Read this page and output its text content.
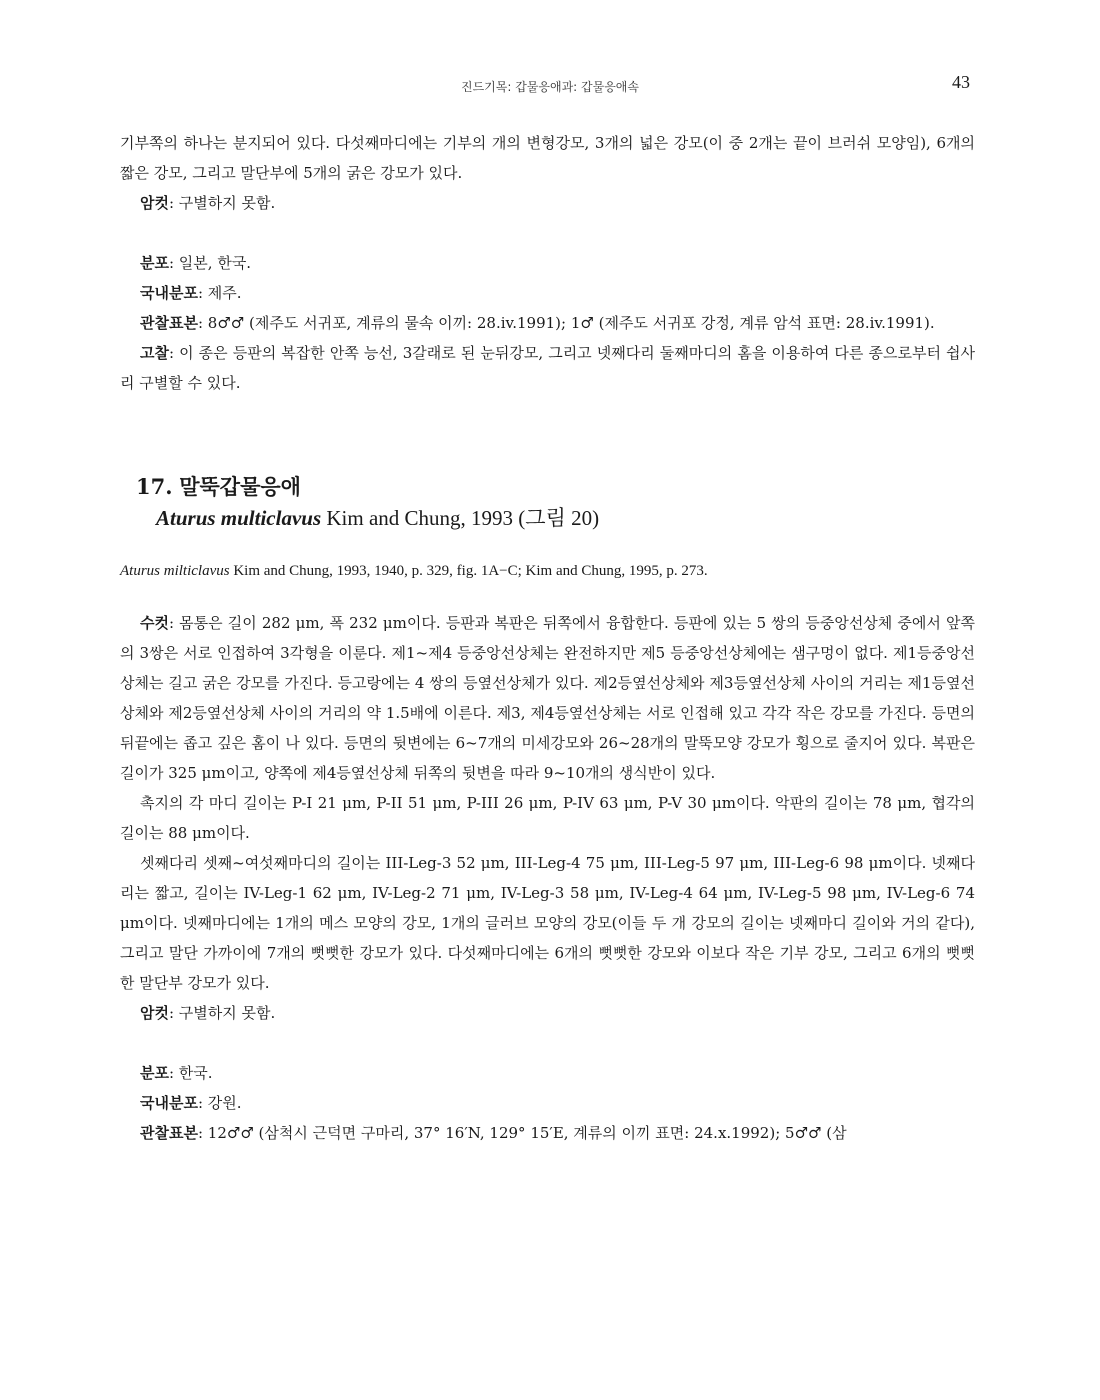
진드기목: 갑물응애과: 갑물응애속	43

기부쪽의 하나는 분지되어 있다. 다섯째마디에는 기부의 개의 변형강모, 3개의 넓은 강모(이 중 2개는 끝이 브러쉬 모양임), 6개의 짧은 강모, 그리고 말단부에 5개의 굵은 강모가 있다.

암컷: 구별하지 못함.

분포: 일본, 한국.

국내분포: 제주.

관찰표본: 8♂♂ (제주도 서귀포, 계류의 물속 이끼: 28.iv.1991); 1♂ (제주도 서귀포 강정, 계류 암석 표면: 28.iv.1991).

고찰: 이 종은 등판의 복잡한 안쪽 능선, 3갈래로 된 눈뒤강모, 그리고 넷째다리 둘째마디의 홈을 이용하여 다른 종으로부터 쉽사리 구별할 수 있다.

17. 말뚝갑물응애
Aturus multiclavus Kim and Chung, 1993 (그림 20)

Aturus milticlavus Kim and Chung, 1993, 1940, p. 329, fig. 1A−C; Kim and Chung, 1995, p. 273.

수컷: 몸통은 길이 282 μm, 폭 232 μm이다. 등판과 복판은 뒤쪽에서 융합한다. 등판에 있는 5 쌍의 등중앙선상체 중에서 앞쪽의 3쌍은 서로 인접하여 3각형을 이룬다. 제1~제4 등중앙선상체는 완전하지만 제5 등중앙선상체에는 샘구멍이 없다. 제1등중앙선상체는 길고 굵은 강모를 가진다. 등고랑에는 4 쌍의 등옆선상체가 있다. 제2등옆선상체와 제3등옆선상체 사이의 거리는 제1등옆선상체와 제2등옆선상체 사이의 거리의 약 1.5배에 이른다. 제3, 제4등옆선상체는 서로 인접해 있고 각각 작은 강모를 가진다. 등면의 뒤끝에는 좁고 깊은 홈이 나 있다. 등면의 뒷변에는 6~7개의 미세강모와 26~28개의 말뚝모양 강모가 횡으로 줄지어 있다. 복판은 길이가 325 μm이고, 양쪽에 제4등옆선상체 뒤쪽의 뒷변을 따라 9~10개의 생식반이 있다.

촉지의 각 마디 길이는 P-I 21 μm, P-II 51 μm, P-III 26 μm, P-IV 63 μm, P-V 30 μm이다. 악판의 길이는 78 μm, 협각의 길이는 88 μm이다.

셋째다리 셋째~여섯째마디의 길이는 III-Leg-3 52 μm, III-Leg-4 75 μm, III-Leg-5 97 μm, III-Leg-6 98 μm이다. 넷째다리는 짧고, 길이는 IV-Leg-1 62 μm, IV-Leg-2 71 μm, IV-Leg-3 58 μm, IV-Leg-4 64 μm, IV-Leg-5 98 μm, IV-Leg-6 74 μm이다. 넷째마디에는 1개의 메스 모양의 강모, 1개의 글러브 모양의 강모(이들 두 개 강모의 길이는 넷째마디 길이와 거의 같다), 그리고 말단 가까이에 7개의 뻣뻣한 강모가 있다. 다섯째마디에는 6개의 뻣뻣한 강모와 이보다 작은 기부 강모, 그리고 6개의 뻣뻣한 말단부 강모가 있다.

암컷: 구별하지 못함.

분포: 한국.

국내분포: 강원.

관찰표본: 12♂♂ (삼척시 근덕면 구마리, 37° 16′N, 129° 15′E, 계류의 이끼 표면: 24.x.1992); 5♂♂ (삼
